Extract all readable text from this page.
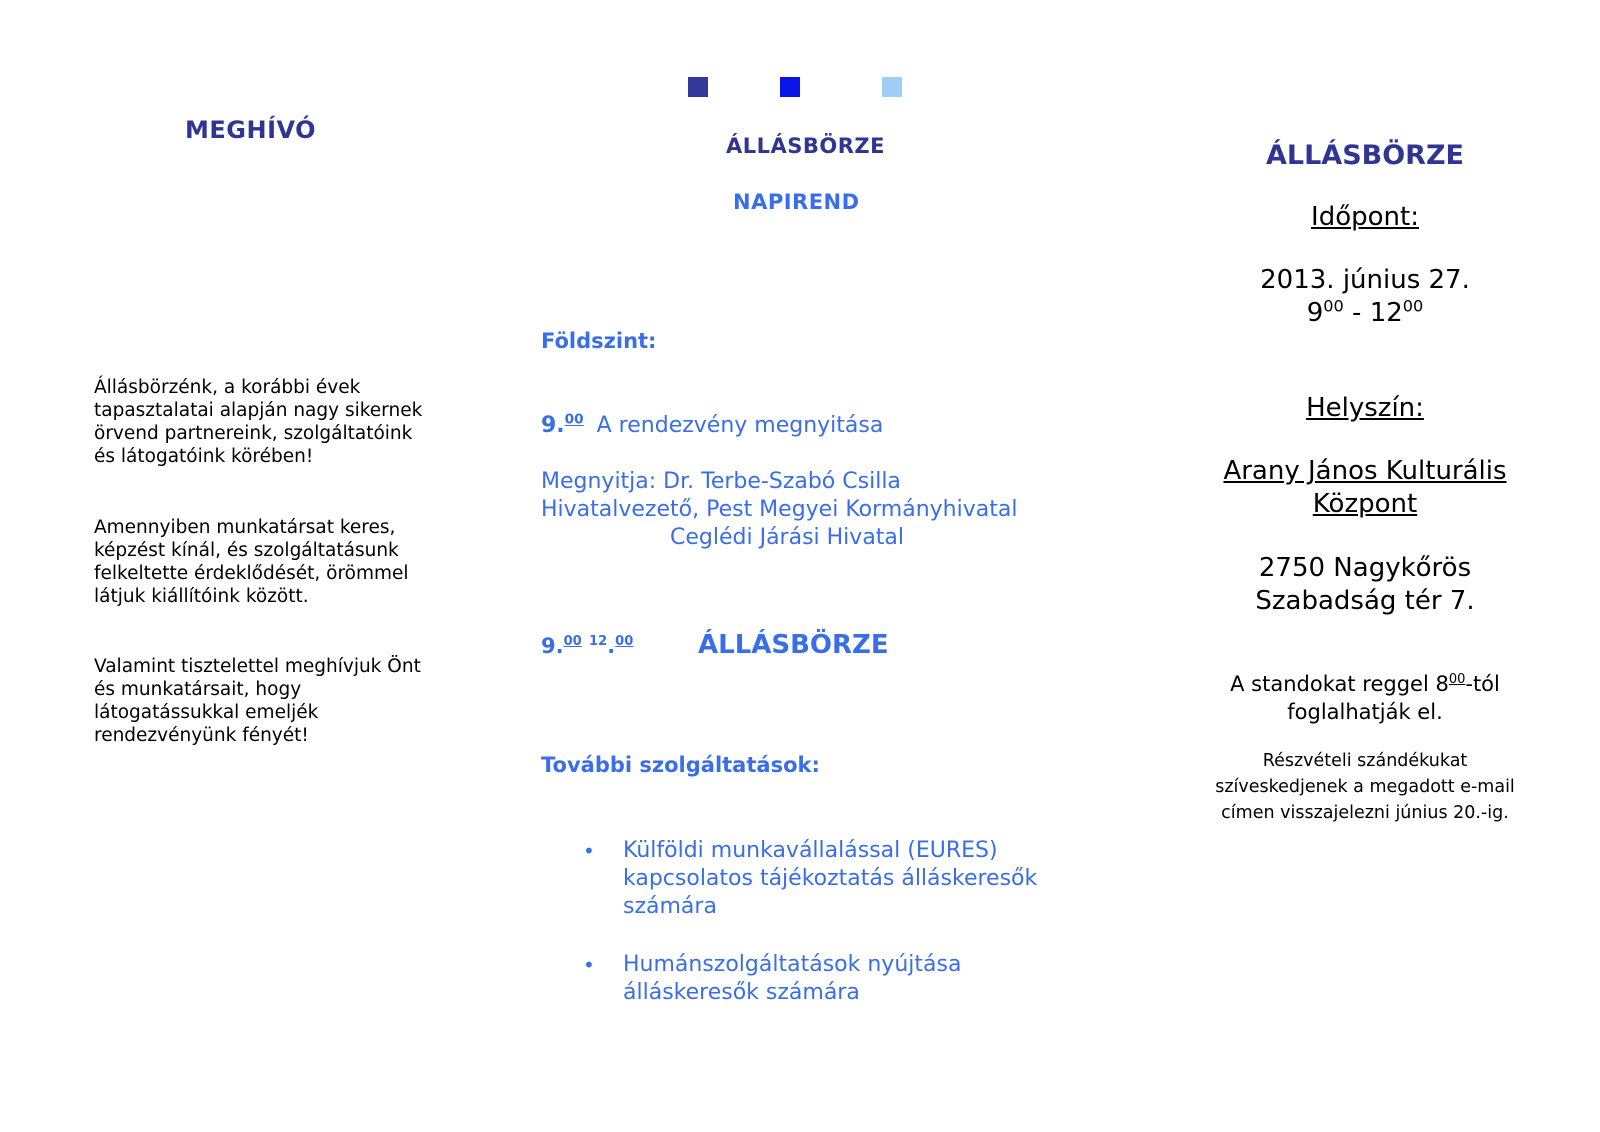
MEGHÍVÓ
Állásbörzénk, a korábbi évek tapasztalatai alapján nagy sikernek örvend partnereink, szolgáltatóink és látogatóink körében!
Amennyiben munkatársat keres, képzést kínál, és szolgáltatásunk felkeltette érdeklődését, örömmel látjuk kiállítóink között.
Valamint tisztelettel meghívjuk Önt és munkatársait, hogy látogatássukkal emeljék rendezvényünk fényét!
ÁLLÁSBÖRZE
NAPIREND
Földszint:
9.00 A rendezvény megnyitása
Megnyitja: Dr. Terbe-Szabó Csilla
Hivatalvezető, Pest Megyei Kormányhivatal
Ceglédi Járási Hivatal
9.00 $^{12}$.$^{00}$ ÁLLÁSBÖRZE
További szolgáltatások:
• Külföldi munkavállalással (EURES) kapcsolatos tájékoztatás álláskeresők számára
• Humánszolgáltatások nyújtása álláskeresők számára
ÁLLÁSBÖRZE
Időpont:
2013. június 27.
$9^{00} - 12^{00}$
Helyszín:
Arany János Kulturális
Központ
2750 Nagykőrös
Szabadság tér 7.
A standokat reggel $8^{00}$-tól
foglalhatják el.
Részvételi szándékukat
szíveskedjenek a megadott e-mail
címen visszajelezni június 20.-ig.
